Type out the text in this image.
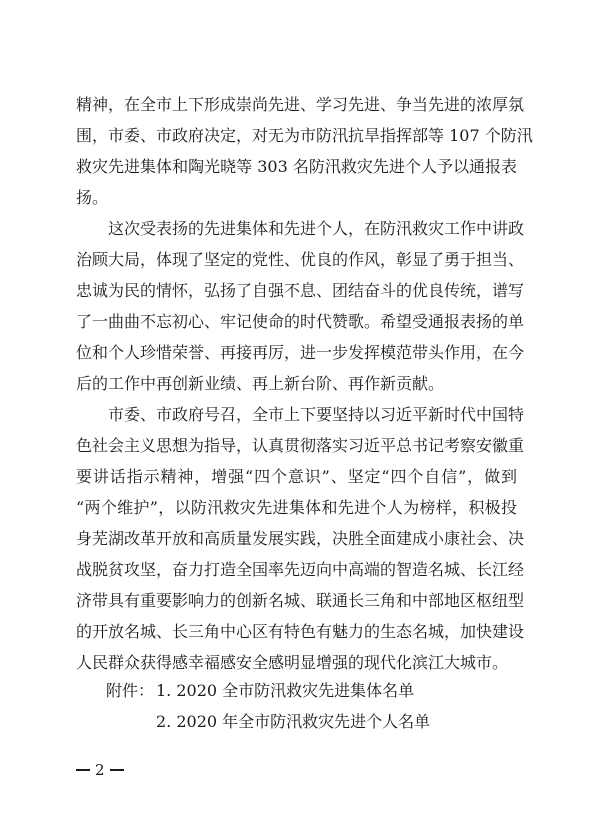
精神，在全市上下形成崇尚先进、学习先进、争当先进的浓厚氛
围，市委、市政府决定，对无为市防汛抗旱指挥部等 107 个防汛
救灾先进集体和陶光晓等 303 名防汛救灾先进个人予以通报表
扬。
　　这次受表扬的先进集体和先进个人，在防汛救灾工作中讲政
治顾大局，体现了坚定的党性、优良的作风，彰显了勇于担当、
忠诚为民的情怀，弘扬了自强不息、团结奋斗的优良传统，谱写
了一曲曲不忘初心、牢记使命的时代赞歌。希望受通报表扬的单
位和个人珍惜荣誉、再接再厉，进一步发挥模范带头作用，在今
后的工作中再创新业绩、再上新台阶、再作新贡献。
　　市委、市政府号召，全市上下要坚持以习近平新时代中国特
色社会主义思想为指导，认真贯彻落实习近平总书记考察安徽重
要讲话指示精神，增强“四个意识”、坚定“四个自信”，做到
“两个维护”，以防汛救灾先进集体和先进个人为榜样，积极投
身芜湖改革开放和高质量发展实践，决胜全面建成小康社会、决
战脱贫攻坚，奋力打造全国率先迈向中高端的智造名城、长江经
济带具有重要影响力的创新名城、联通长三角和中部地区枢纽型
的开放名城、长三角中心区有特色有魅力的生态名城，加快建设
人民群众获得感幸福感安全感明显增强的现代化滨江大城市。
附件： 1. 2020 全市防汛救灾先进集体名单
2. 2020 年全市防汛救灾先进个人名单
2
